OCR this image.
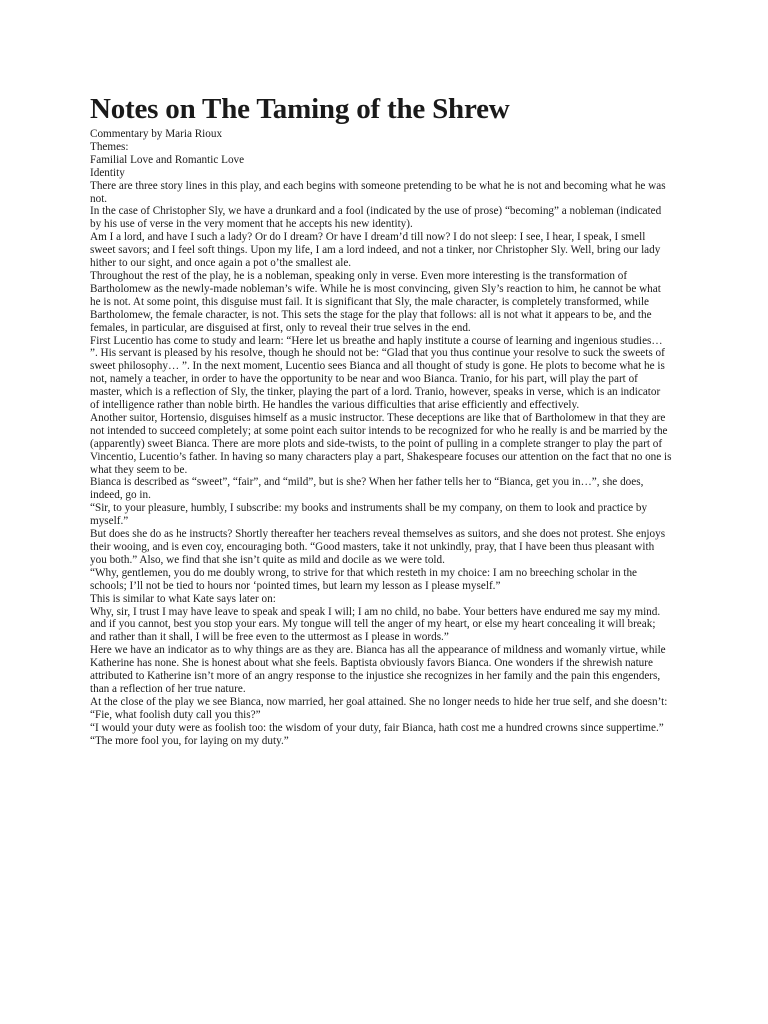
Notes on The Taming of the Shrew

Commentary by Maria Rioux

Themes:

Familial Love and Romantic Love

Identity

There are three story lines in this play, and each begins with someone pretending to be what he is not and becoming what he was not.

In the case of Christopher Sly, we have a drunkard and a fool (indicated by the use of prose) “becoming” a nobleman (indicated by his use of verse in the very moment that he accepts his new identity).

Am I a lord, and have I such a lady? Or do I dream? Or have I dream’d till now? I do not sleep: I see, I hear, I speak, I smell sweet savors; and I feel soft things. Upon my life, I am a lord indeed, and not a tinker, nor Christopher Sly. Well, bring our lady hither to our sight, and once again a pot o’the smallest ale.

Throughout the rest of the play, he is a nobleman, speaking only in verse. Even more interesting is the transformation of Bartholomew as the newly-made nobleman’s wife. While he is most convincing, given Sly’s reaction to him, he cannot be what he is not. At some point, this disguise must fail. It is significant that Sly, the male character, is completely transformed, while Bartholomew, the female character, is not. This sets the stage for the play that follows: all is not what it appears to be, and the females, in particular, are disguised at first, only to reveal their true selves in the end.

First Lucentio has come to study and learn: “Here let us breathe and haply institute a course of learning and ingenious studies… ”. His servant is pleased by his resolve, though he should not be: “Glad that you thus continue your resolve to suck the sweets of sweet philosophy… ”. In the next moment, Lucentio sees Bianca and all thought of study is gone. He plots to become what he is not, namely a teacher, in order to have the opportunity to be near and woo Bianca. Tranio, for his part, will play the part of master, which is a reflection of Sly, the tinker, playing the part of a lord. Tranio, however, speaks in verse, which is an indicator of intelligence rather than noble birth. He handles the various difficulties that arise efficiently and effectively.

Another suitor, Hortensio, disguises himself as a music instructor. These deceptions are like that of Bartholomew in that they are not intended to succeed completely; at some point each suitor intends to be recognized for who he really is and be married by the (apparently) sweet Bianca. There are more plots and side-twists, to the point of pulling in a complete stranger to play the part of Vincentio, Lucentio’s father. In having so many characters play a part, Shakespeare focuses our attention on the fact that no one is what they seem to be.

Bianca is described as “sweet”, “fair”, and “mild”, but is she? When her father tells her to “Bianca, get you in…”, she does, indeed, go in.

“Sir, to your pleasure, humbly, I subscribe: my books and instruments shall be my company, on them to look and practice by myself.”

But does she do as he instructs? Shortly thereafter her teachers reveal themselves as suitors, and she does not protest. She enjoys their wooing, and is even coy, encouraging both. “Good masters, take it not unkindly, pray, that I have been thus pleasant with you both.” Also, we find that she isn’t quite as mild and docile as we were told.

“Why, gentlemen, you do me doubly wrong, to strive for that which resteth in my choice: I am no breeching scholar in the schools; I’ll not be tied to hours nor ‘pointed times, but learn my lesson as I please myself.”

This is similar to what Kate says later on:

Why, sir, I trust I may have leave to speak and speak I will; I am no child, no babe. Your betters have endured me say my mind. and if you cannot, best you stop your ears. My tongue will tell the anger of my heart, or else my heart concealing it will break; and rather than it shall, I will be free even to the uttermost as I please in words.”

Here we have an indicator as to why things are as they are. Bianca has all the appearance of mildness and womanly virtue, while Katherine has none. She is honest about what she feels. Baptista obviously favors Bianca. One wonders if the shrewish nature attributed to Katherine isn’t more of an angry response to the injustice she recognizes in her family and the pain this engenders, than a reflection of her true nature.

At the close of the play we see Bianca, now married, her goal attained. She no longer needs to hide her true self, and she doesn’t:

“Fie, what foolish duty call you this?”

“I would your duty were as foolish too: the wisdom of your duty, fair Bianca, hath cost me a hundred crowns since suppertime.”

“The more fool you, for laying on my duty.”
